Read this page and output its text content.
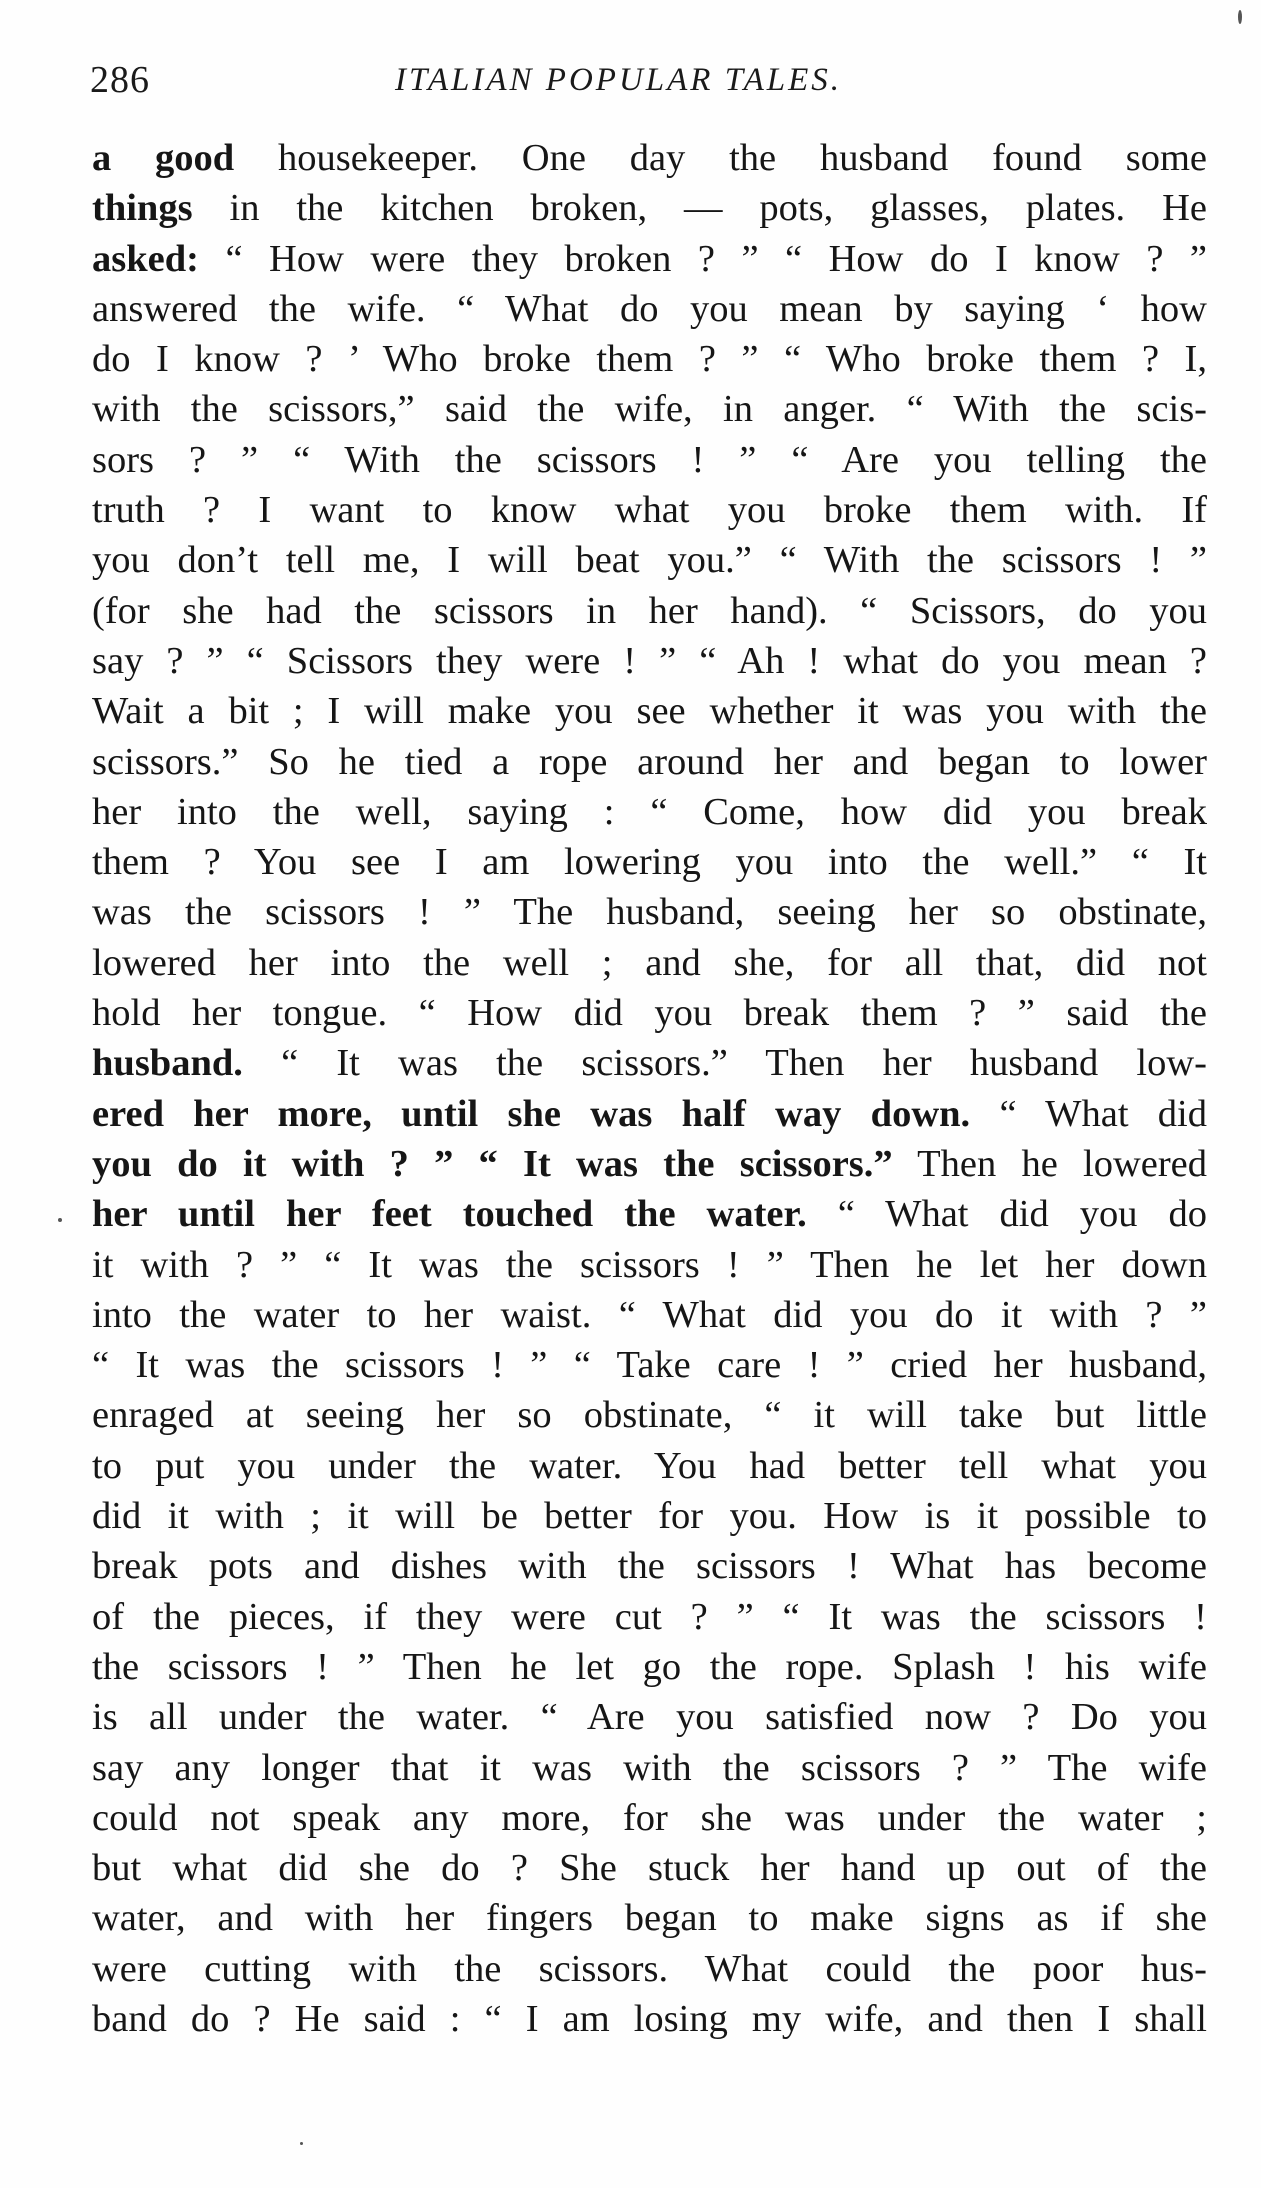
286	ITALIAN POPULAR TALES.
a good housekeeper. One day the husband found some
things in the kitchen broken, — pots, glasses, plates. He
asked: “ How were they broken ? ” “ How do I know ? ”
answered the wife. “ What do you mean by saying ‘ how
do I know ? ’ Who broke them ? ” “ Who broke them ? I,
with the scissors,” said the wife, in anger. “ With the scis-
sors ? ” “ With the scissors ! ” “ Are you telling the
truth ? I want to know what you broke them with. If
you don’t tell me, I will beat you.” “ With the scissors ! ”
(for she had the scissors in her hand). “ Scissors, do you
say ? ” “ Scissors they were ! ” “ Ah ! what do you mean ?
Wait a bit ; I will make you see whether it was you with the
scissors.” So he tied a rope around her and began to lower
her into the well, saying : “ Come, how did you break
them ? You see I am lowering you into the well.” “ It
was the scissors ! ” The husband, seeing her so obstinate,
lowered her into the well ; and she, for all that, did not
hold her tongue. “ How did you break them ? ” said the
husband. “ It was the scissors.” Then her husband low-
ered her more, until she was half way down. “ What did
you do it with ? ” “ It was the scissors.” Then he lowered
her until her feet touched the water. “ What did you do
it with ? ” “ It was the scissors ! ” Then he let her down
into the water to her waist. “ What did you do it with ? ”
“ It was the scissors ! ” “ Take care ! ” cried her husband,
enraged at seeing her so obstinate, “ it will take but little
to put you under the water. You had better tell what you
did it with ; it will be better for you. How is it possible to
break pots and dishes with the scissors ! What has become
of the pieces, if they were cut ? ” “ It was the scissors !
the scissors ! ” Then he let go the rope. Splash ! his wife
is all under the water. “ Are you satisfied now ? Do you
say any longer that it was with the scissors ? ” The wife
could not speak any more, for she was under the water ;
but what did she do ? She stuck her hand up out of the
water, and with her fingers began to make signs as if she
were cutting with the scissors. What could the poor hus-
band do ? He said : “ I am losing my wife, and then I shall
